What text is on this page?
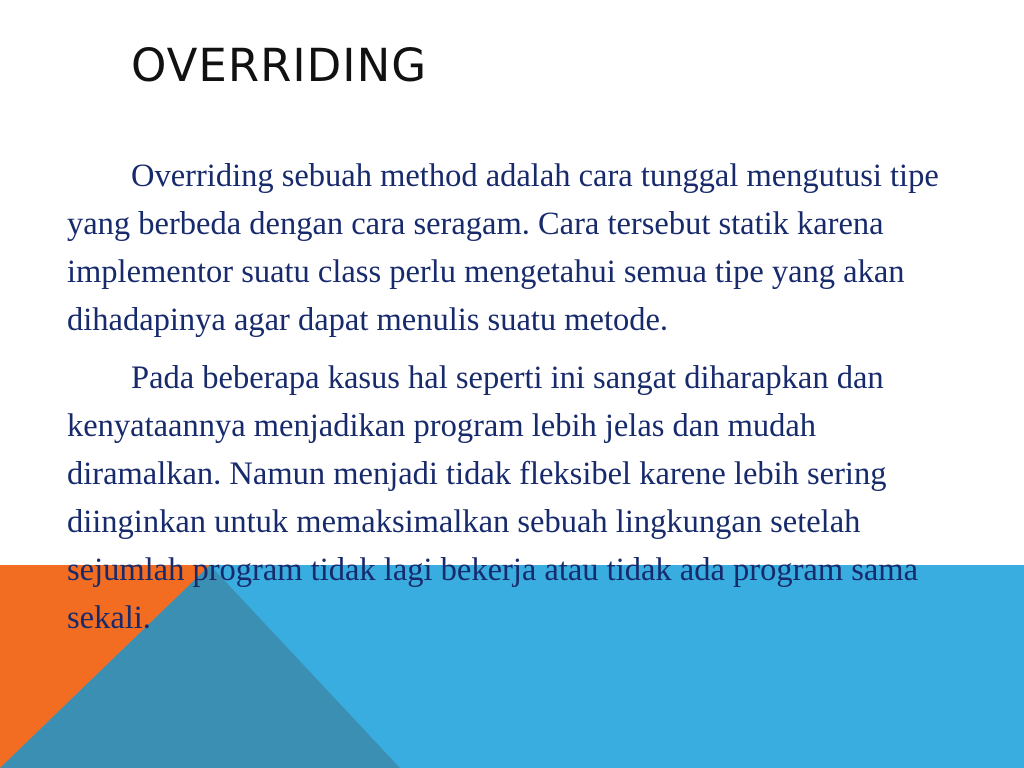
OVERRIDING

Overriding sebuah method adalah cara tunggal mengutusi tipe yang berbeda dengan cara seragam. Cara tersebut statik karena implementor suatu class perlu mengetahui semua tipe yang akan dihadapinya agar dapat menulis suatu metode.

Pada beberapa kasus hal seperti ini sangat diharapkan dan kenyataannya menjadikan program lebih jelas dan mudah diramalkan. Namun menjadi tidak fleksibel karene lebih sering diinginkan untuk memaksimalkan sebuah lingkungan setelah sejumlah program tidak lagi bekerja atau tidak ada program sama sekali.
